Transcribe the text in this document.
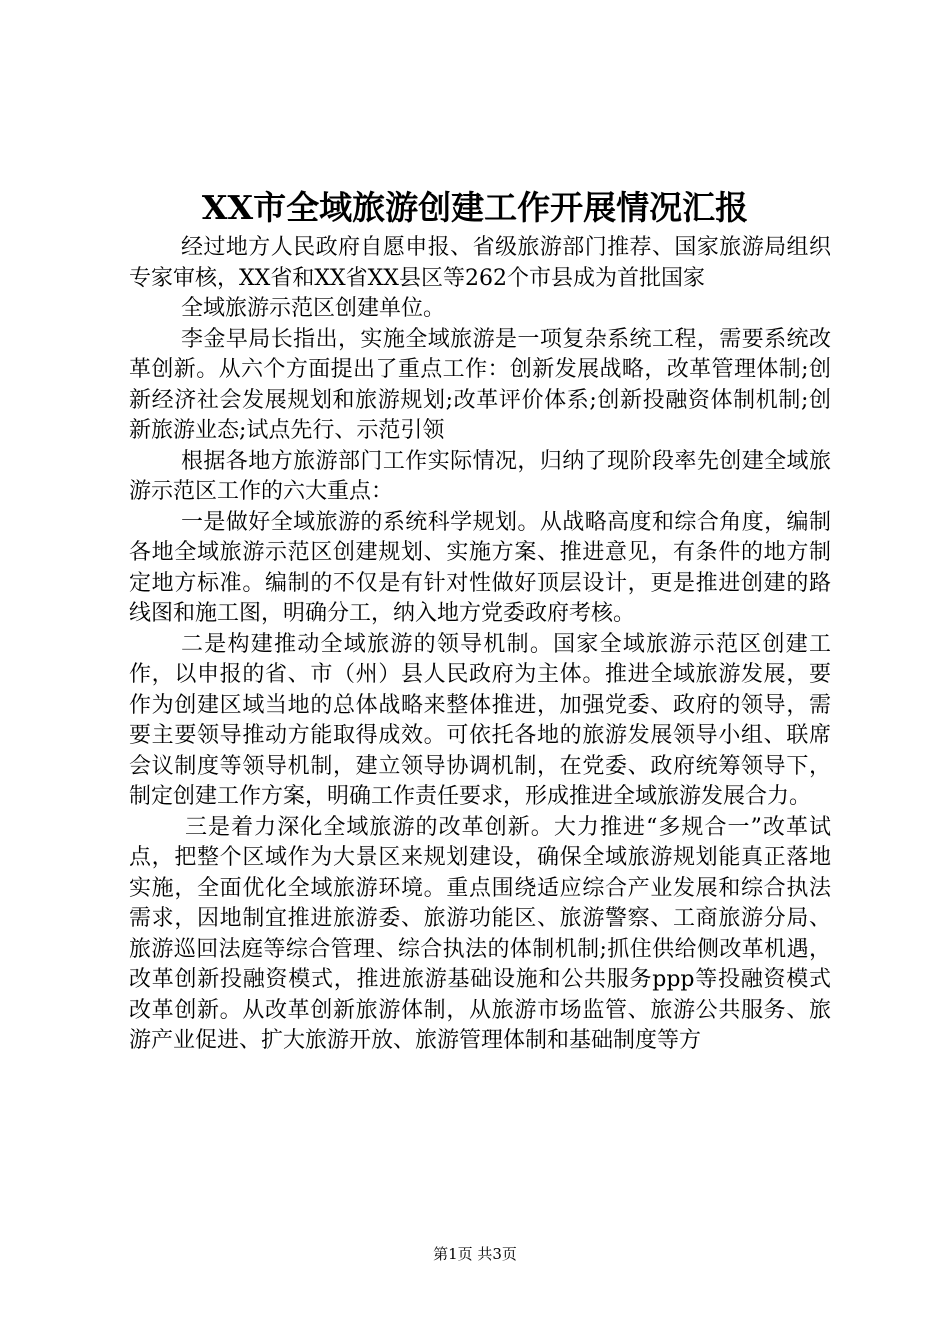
XX市全域旅游创建工作开展情况汇报

经过地方人民政府自愿申报、省级旅游部门推荐、国家旅游局组织专家审核，XX省和XX省XX县区等262个市县成为首批国家

全域旅游示范区创建单位。

李金早局长指出，实施全域旅游是一项复杂系统工程，需要系统改革创新。从六个方面提出了重点工作：创新发展战略，改革管理体制;创新经济社会发展规划和旅游规划;改革评价体系;创新投融资体制机制;创新旅游业态;试点先行、示范引领

根据各地方旅游部门工作实际情况，归纳了现阶段率先创建全域旅游示范区工作的六大重点：

一是做好全域旅游的系统科学规划。从战略高度和综合角度，编制各地全域旅游示范区创建规划、实施方案、推进意见，有条件的地方制定地方标准。编制的不仅是有针对性做好顶层设计，更是推进创建的路线图和施工图，明确分工，纳入地方党委政府考核。

二是构建推动全域旅游的领导机制。国家全域旅游示范区创建工作，以申报的省、市（州）县人民政府为主体。推进全域旅游发展，要作为创建区域当地的总体战略来整体推进，加强党委、政府的领导，需要主要领导推动方能取得成效。可依托各地的旅游发展领导小组、联席会议制度等领导机制，建立领导协调机制，在党委、政府统筹领导下，制定创建工作方案，明确工作责任要求，形成推进全域旅游发展合力。

三是着力深化全域旅游的改革创新。大力推进“多规合一”改革试点，把整个区域作为大景区来规划建设，确保全域旅游规划能真正落地实施，全面优化全域旅游环境。重点围绕适应综合产业发展和综合执法需求，因地制宜推进旅游委、旅游功能区、旅游警察、工商旅游分局、旅游巡回法庭等综合管理、综合执法的体制机制;抓住供给侧改革机遇，改革创新投融资模式，推进旅游基础设施和公共服务ppp等投融资模式改革创新。从改革创新旅游体制，从旅游市场监管、旅游公共服务、旅游产业促进、扩大旅游开放、旅游管理体制和基础制度等方

第1页 共3页
